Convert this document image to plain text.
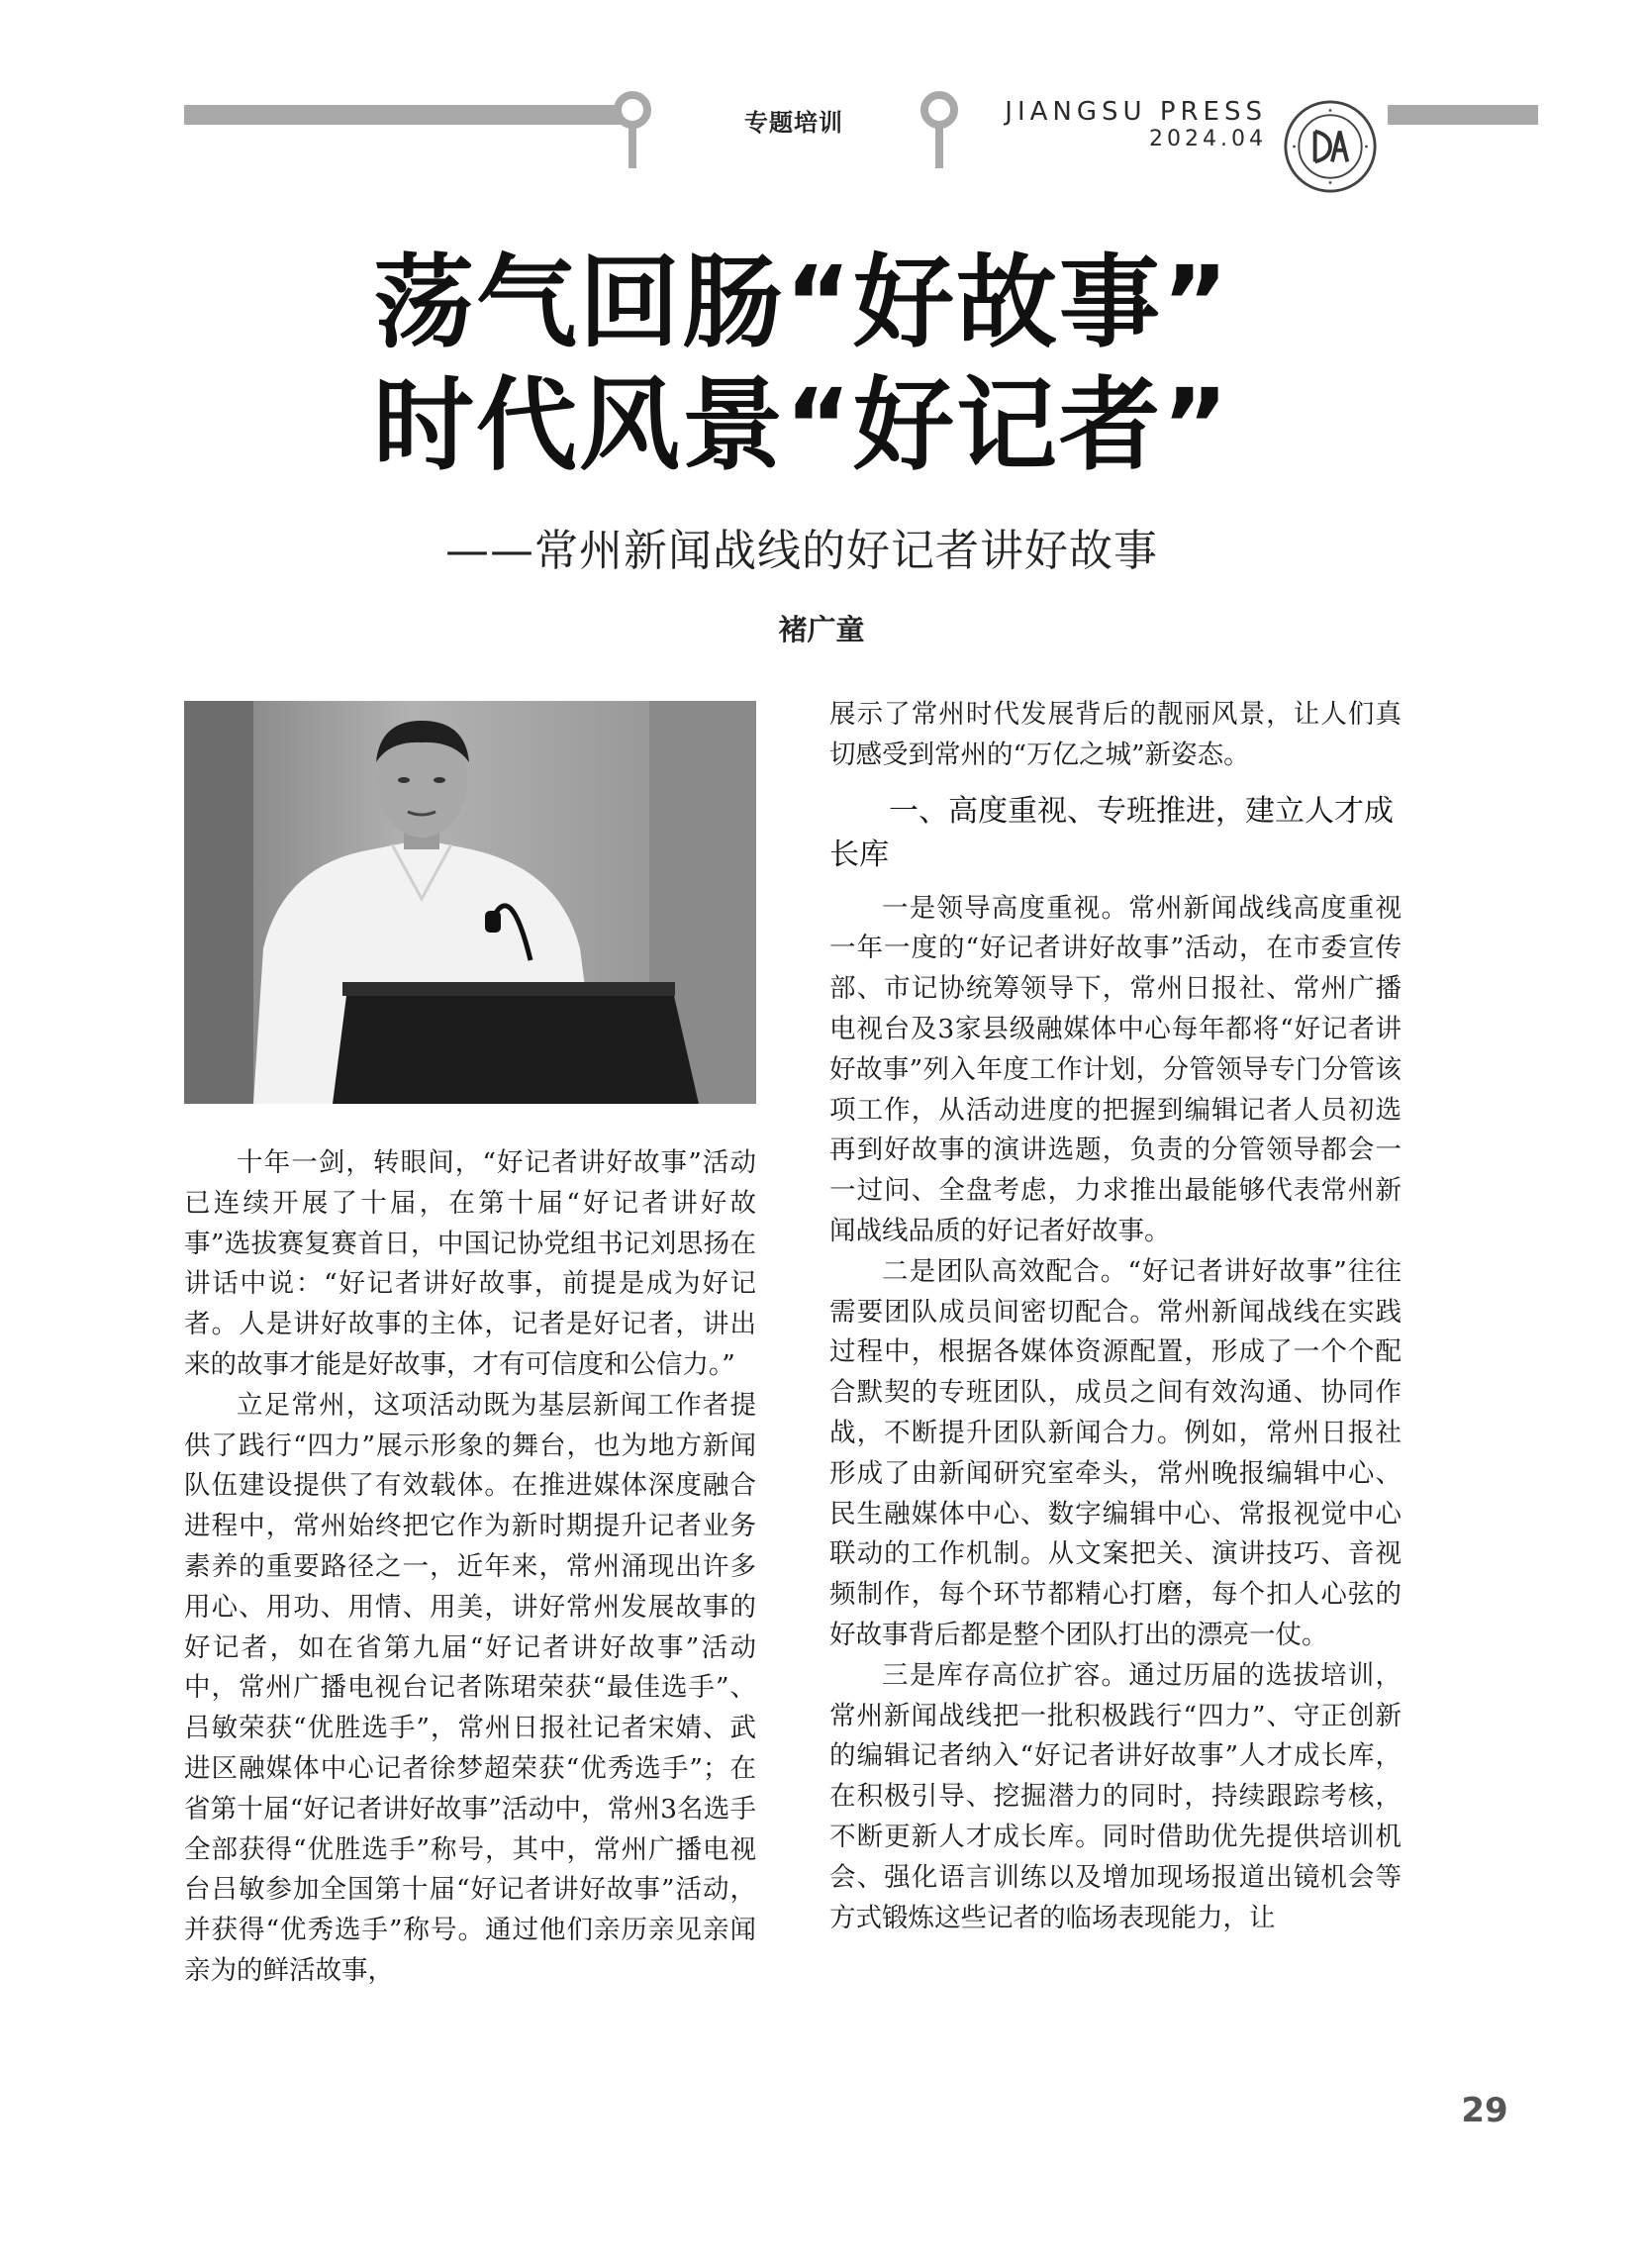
专题培训	JIANGSU PRESS
2024.04
荡气回肠“好故事”
时代风景“好记者”
——常州新闻战线的好记者讲好故事
褚广童

十年一剑，转眼间，“好记者讲好故事”活动已连续开展了十届，在第十届“好记者讲好故事”选拔赛复赛首日，中国记协党组书记刘思扬在讲话中说：“好记者讲好故事，前提是成为好记者。人是讲好故事的主体，记者是好记者，讲出来的故事才能是好故事，才有可信度和公信力。”

立足常州，这项活动既为基层新闻工作者提供了践行“四力”展示形象的舞台，也为地方新闻队伍建设提供了有效载体。在推进媒体深度融合进程中，常州始终把它作为新时期提升记者业务素养的重要路径之一，近年来，常州涌现出许多用心、用功、用情、用美，讲好常州发展故事的好记者，如在省第九届“好记者讲好故事”活动中，常州广播电视台记者陈珺荣获“最佳选手”、吕敏荣获“优胜选手”，常州日报社记者宋婧、武进区融媒体中心记者徐梦超荣获“优秀选手”；在省第十届“好记者讲好故事”活动中，常州3名选手全部获得“优胜选手”称号，其中，常州广播电视台吕敏参加全国第十届“好记者讲好故事”活动，并获得“优秀选手”称号。通过他们亲历亲见亲闻亲为的鲜活故事，

展示了常州时代发展背后的靓丽风景，让人们真切感受到常州的“万亿之城”新姿态。

一、高度重视、专班推进，建立人才成长库

一是领导高度重视。常州新闻战线高度重视一年一度的“好记者讲好故事”活动，在市委宣传部、市记协统筹领导下，常州日报社、常州广播电视台及3家县级融媒体中心每年都将“好记者讲好故事”列入年度工作计划，分管领导专门分管该项工作，从活动进度的把握到编辑记者人员初选再到好故事的演讲选题，负责的分管领导都会一一过问、全盘考虑，力求推出最能够代表常州新闻战线品质的好记者好故事。

二是团队高效配合。“好记者讲好故事”往往需要团队成员间密切配合。常州新闻战线在实践过程中，根据各媒体资源配置，形成了一个个配合默契的专班团队，成员之间有效沟通、协同作战，不断提升团队新闻合力。例如，常州日报社形成了由新闻研究室牵头，常州晚报编辑中心、民生融媒体中心、数字编辑中心、常报视觉中心联动的工作机制。从文案把关、演讲技巧、音视频制作，每个环节都精心打磨，每个扣人心弦的好故事背后都是整个团队打出的漂亮一仗。

三是库存高位扩容。通过历届的选拔培训，常州新闻战线把一批积极践行“四力”、守正创新的编辑记者纳入“好记者讲好故事”人才成长库，在积极引导、挖掘潜力的同时，持续跟踪考核，不断更新人才成长库。同时借助优先提供培训机会、强化语言训练以及增加现场报道出镜机会等方式锻炼这些记者的临场表现能力，让

29
